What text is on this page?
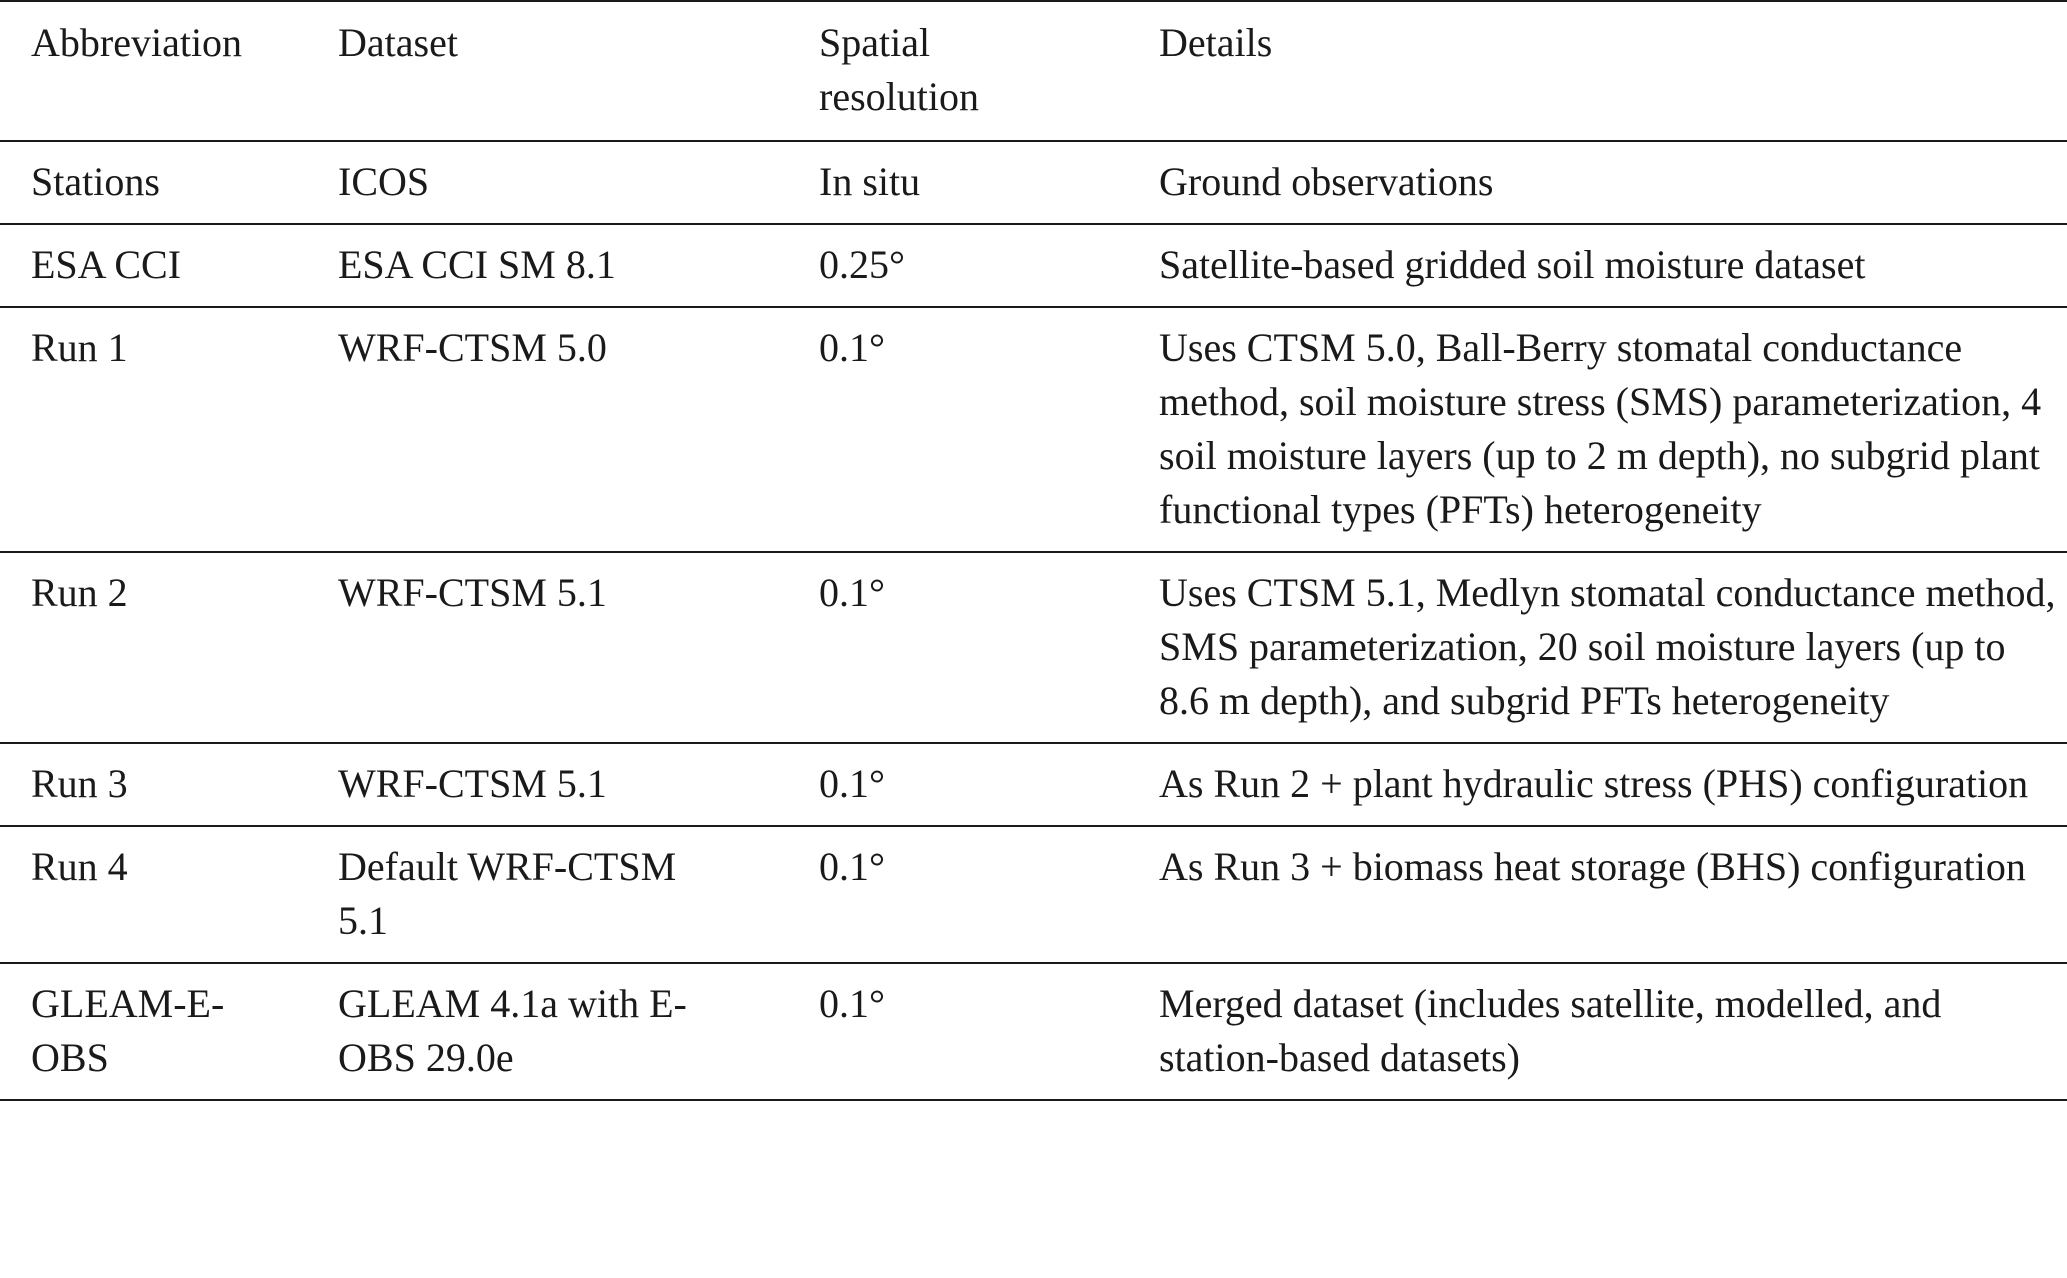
Abbreviation	Dataset	Spatial resolution	Details
Stations	ICOS	In situ	Ground observations
ESA CCI	ESA CCI SM 8.1	0.25°	Satellite-based gridded soil moisture dataset
Run 1	WRF-CTSM 5.0	0.1°	Uses CTSM 5.0, Ball-Berry stomatal conductance method, soil moisture stress (SMS) parameterization, 4 soil moisture layers (up to 2 m depth), no subgrid plant functional types (PFTs) heterogeneity
Run 2	WRF-CTSM 5.1	0.1°	Uses CTSM 5.1, Medlyn stomatal conductance method, SMS parameterization, 20 soil moisture layers (up to 8.6 m depth), and subgrid PFTs heterogeneity
Run 3	WRF-CTSM 5.1	0.1°	As Run 2 + plant hydraulic stress (PHS) configuration
Run 4	Default WRF-CTSM 5.1	0.1°	As Run 3 + biomass heat storage (BHS) configuration
GLEAM-E-OBS	GLEAM 4.1a with E-OBS 29.0e	0.1°	Merged dataset (includes satellite, modelled, and station-based datasets)
